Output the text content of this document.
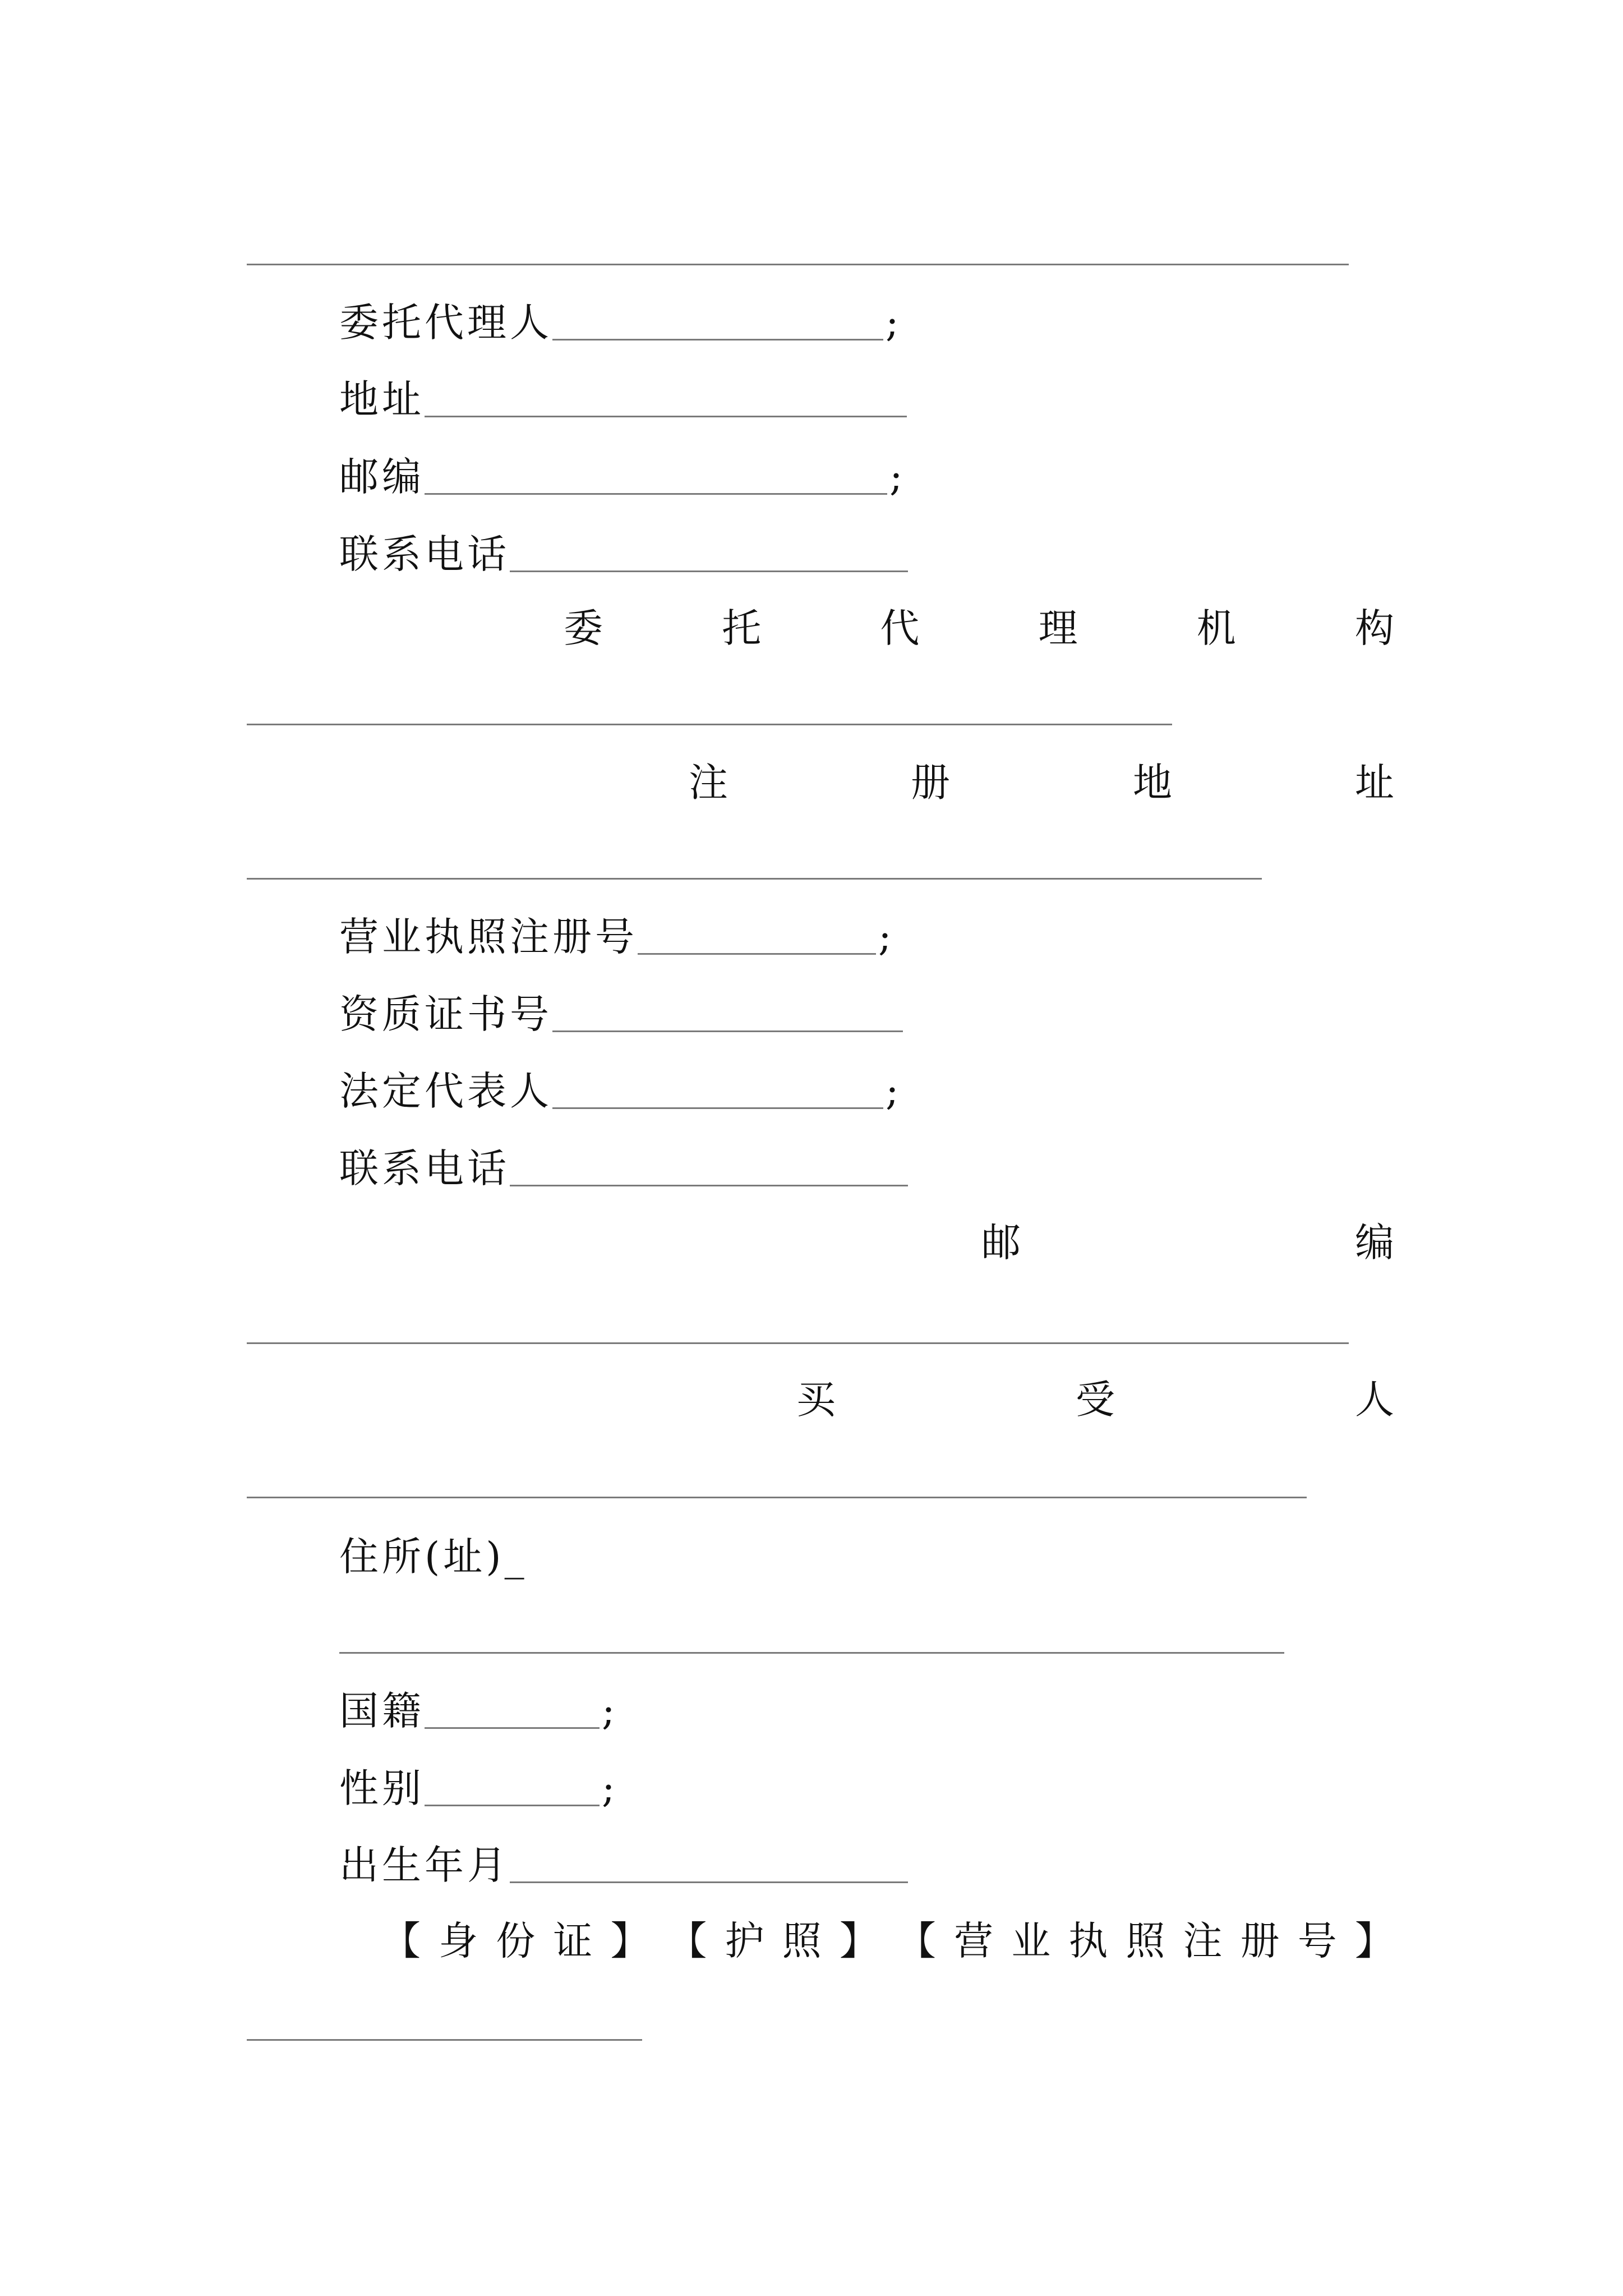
委托代理人	;
地址
邮编	;
联系电话
委	托	代	理	机	构
注	册	地	址
营业执照注册号	;
资质证书号
法定代表人	;
联系电话
邮	编
买	受	人
住所(址)_
国籍	;
性别	;
出生年月
【 身 份 证 】 【 护 照 】 【 营 业 执 照 注 册 号 】
